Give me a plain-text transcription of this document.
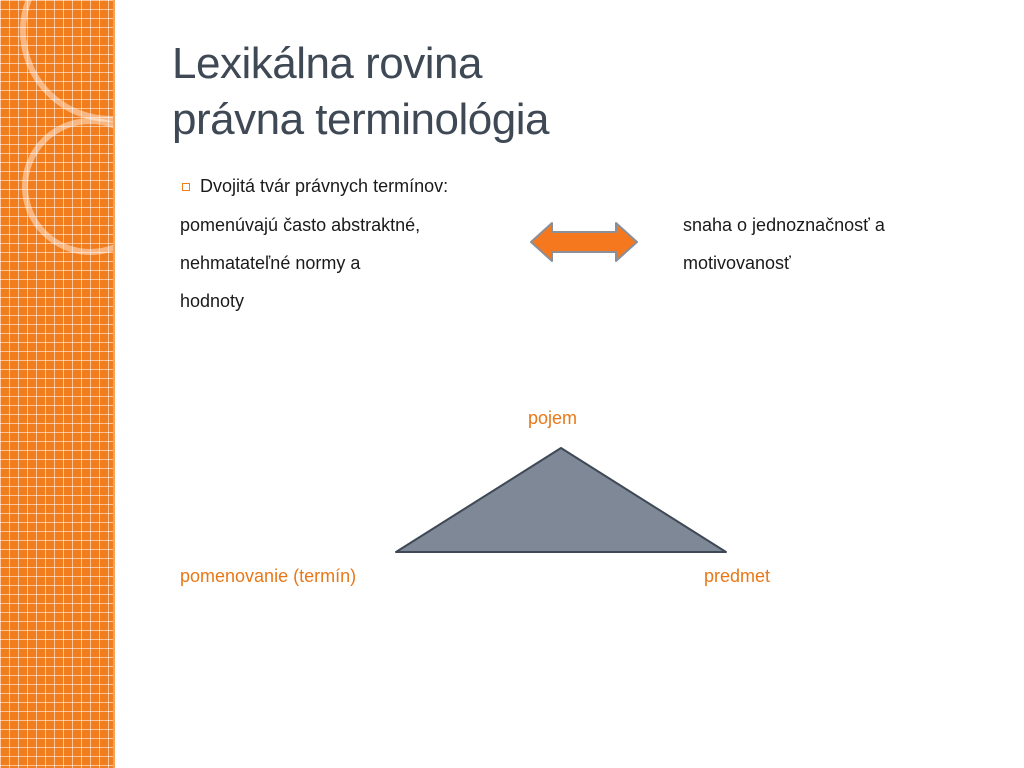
Lexikálna rovina
právna terminológia
Dvojitá tvár právnych termínov:
pomenúvajú často abstraktné,
nehmatateľné normy a
hodnoty
snaha o jednoznačnosť a
motivovanosť
pojem
pomenovanie (termín)	predmet
